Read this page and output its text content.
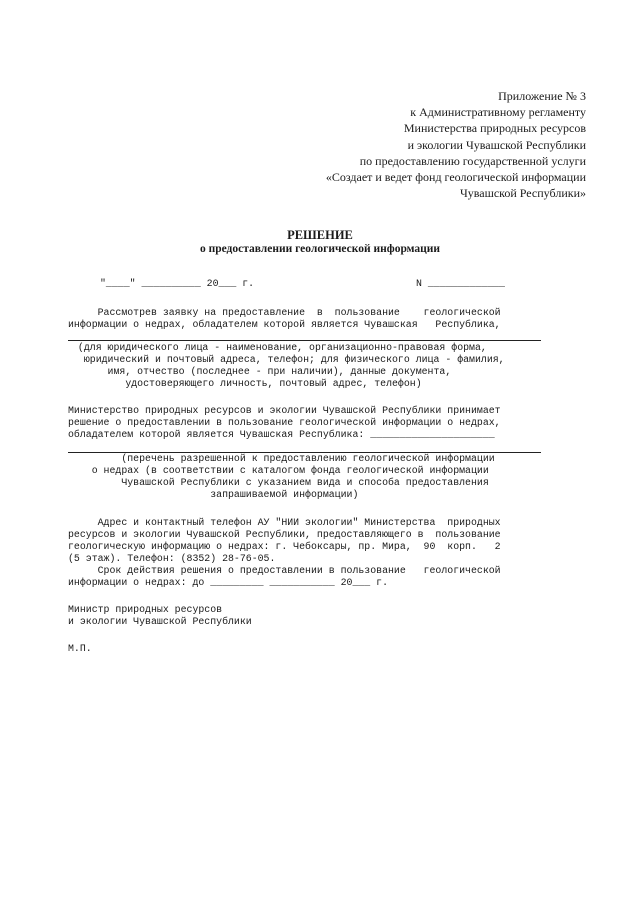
Приложение № 3
к Административному регламенту
Министерства природных ресурсов
и экологии Чувашской Республики
по предоставлению государственной услуги
«Создает и ведет фонд геологической информации
Чувашской Республики»
РЕШЕНИЕ
о предоставлении геологической информации
"____" __________ 20___ г.	N _____________
Рассмотрев заявку на предоставление  в  пользование    геологической
информации о недрах, обладателем которой является Чувашская   Республика,
(для юридического лица - наименование, организационно-правовая форма,
юридический и почтовый адреса, телефон; для физического лица - фамилия,
имя, отчество (последнее - при наличии), данные документа,
удостоверяющего личность, почтовый адрес, телефон)
Министерство природных ресурсов и экологии Чувашской Республики принимает
решение о предоставлении в пользование геологической информации о недрах,
обладателем которой является Чувашская Республика: _____________________
(перечень разрешенной к предоставлению геологической информации
о недрах (в соответствии с каталогом фонда геологической информации
Чувашской Республики с указанием вида и способа предоставления
запрашиваемой информации)
Адрес и контактный телефон АУ "НИИ экологии" Министерства  природных
ресурсов и экологии Чувашской Республики, предоставляющего в  пользование
геологическую информацию о недрах: г. Чебоксары, пр. Мира,  90  корп.   2
(5 этаж). Телефон: (8352) 28-76-05.
Срок действия решения о предоставлении в пользование   геологической
информации о недрах: до _________ ___________ 20___ г.
Министр природных ресурсов
и экологии Чувашской Республики
М.П.
